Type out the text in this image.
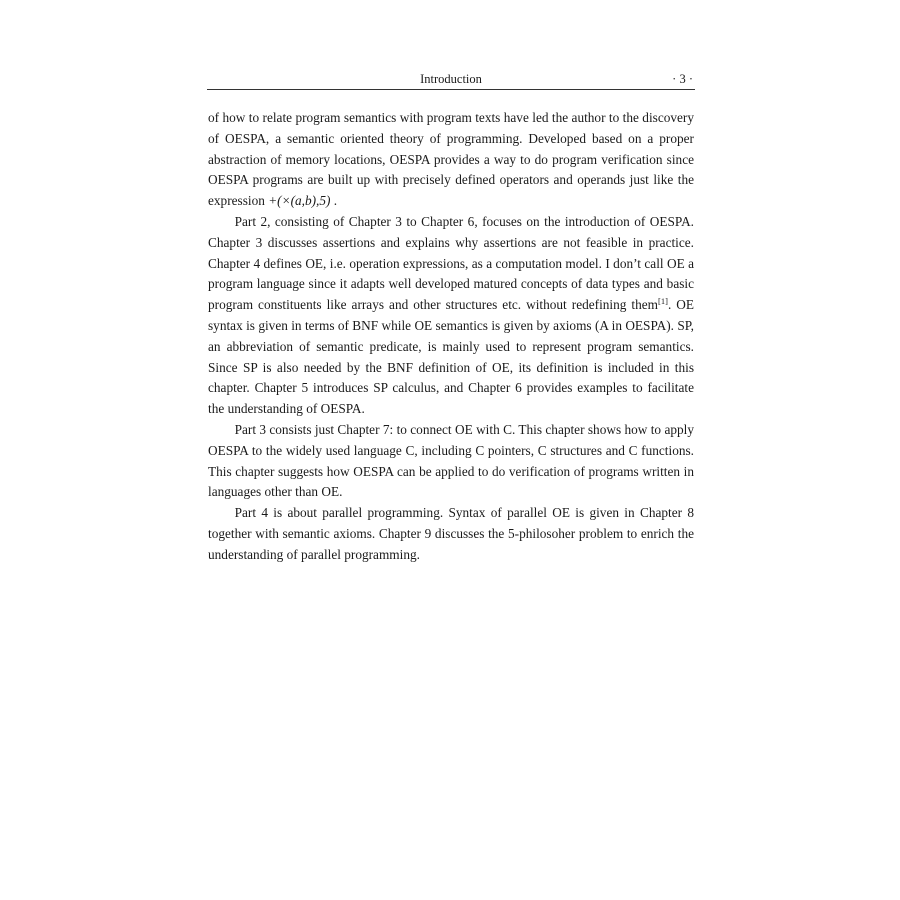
Introduction	· 3 ·

of how to relate program semantics with program texts have led the author to the discovery of OESPA, a semantic oriented theory of programming. Developed based on a proper abstraction of memory locations, OESPA provides a way to do program verification since OESPA programs are built up with precisely defined operators and operands just like the expression +(×(a,b),5) .

Part 2, consisting of Chapter 3 to Chapter 6, focuses on the introduction of OESPA. Chapter 3 discusses assertions and explains why assertions are not feasible in practice. Chapter 4 defines OE, i.e. operation expressions, as a computation model. I don’t call OE a program language since it adapts well developed matured concepts of data types and basic program constituents like arrays and other structures etc. without redefining them[1]. OE syntax is given in terms of BNF while OE semantics is given by axioms (A in OESPA). SP, an abbreviation of semantic predicate, is mainly used to represent program semantics. Since SP is also needed by the BNF definition of OE, its definition is included in this chapter. Chapter 5 introduces SP calculus, and Chapter 6 provides examples to facilitate the understanding of OESPA.

Part 3 consists just Chapter 7: to connect OE with C. This chapter shows how to apply OESPA to the widely used language C, including C pointers, C structures and C functions. This chapter suggests how OESPA can be applied to do verification of programs written in languages other than OE.

Part 4 is about parallel programming. Syntax of parallel OE is given in Chapter 8 together with semantic axioms. Chapter 9 discusses the 5-philosoher problem to enrich the understanding of parallel programming.
